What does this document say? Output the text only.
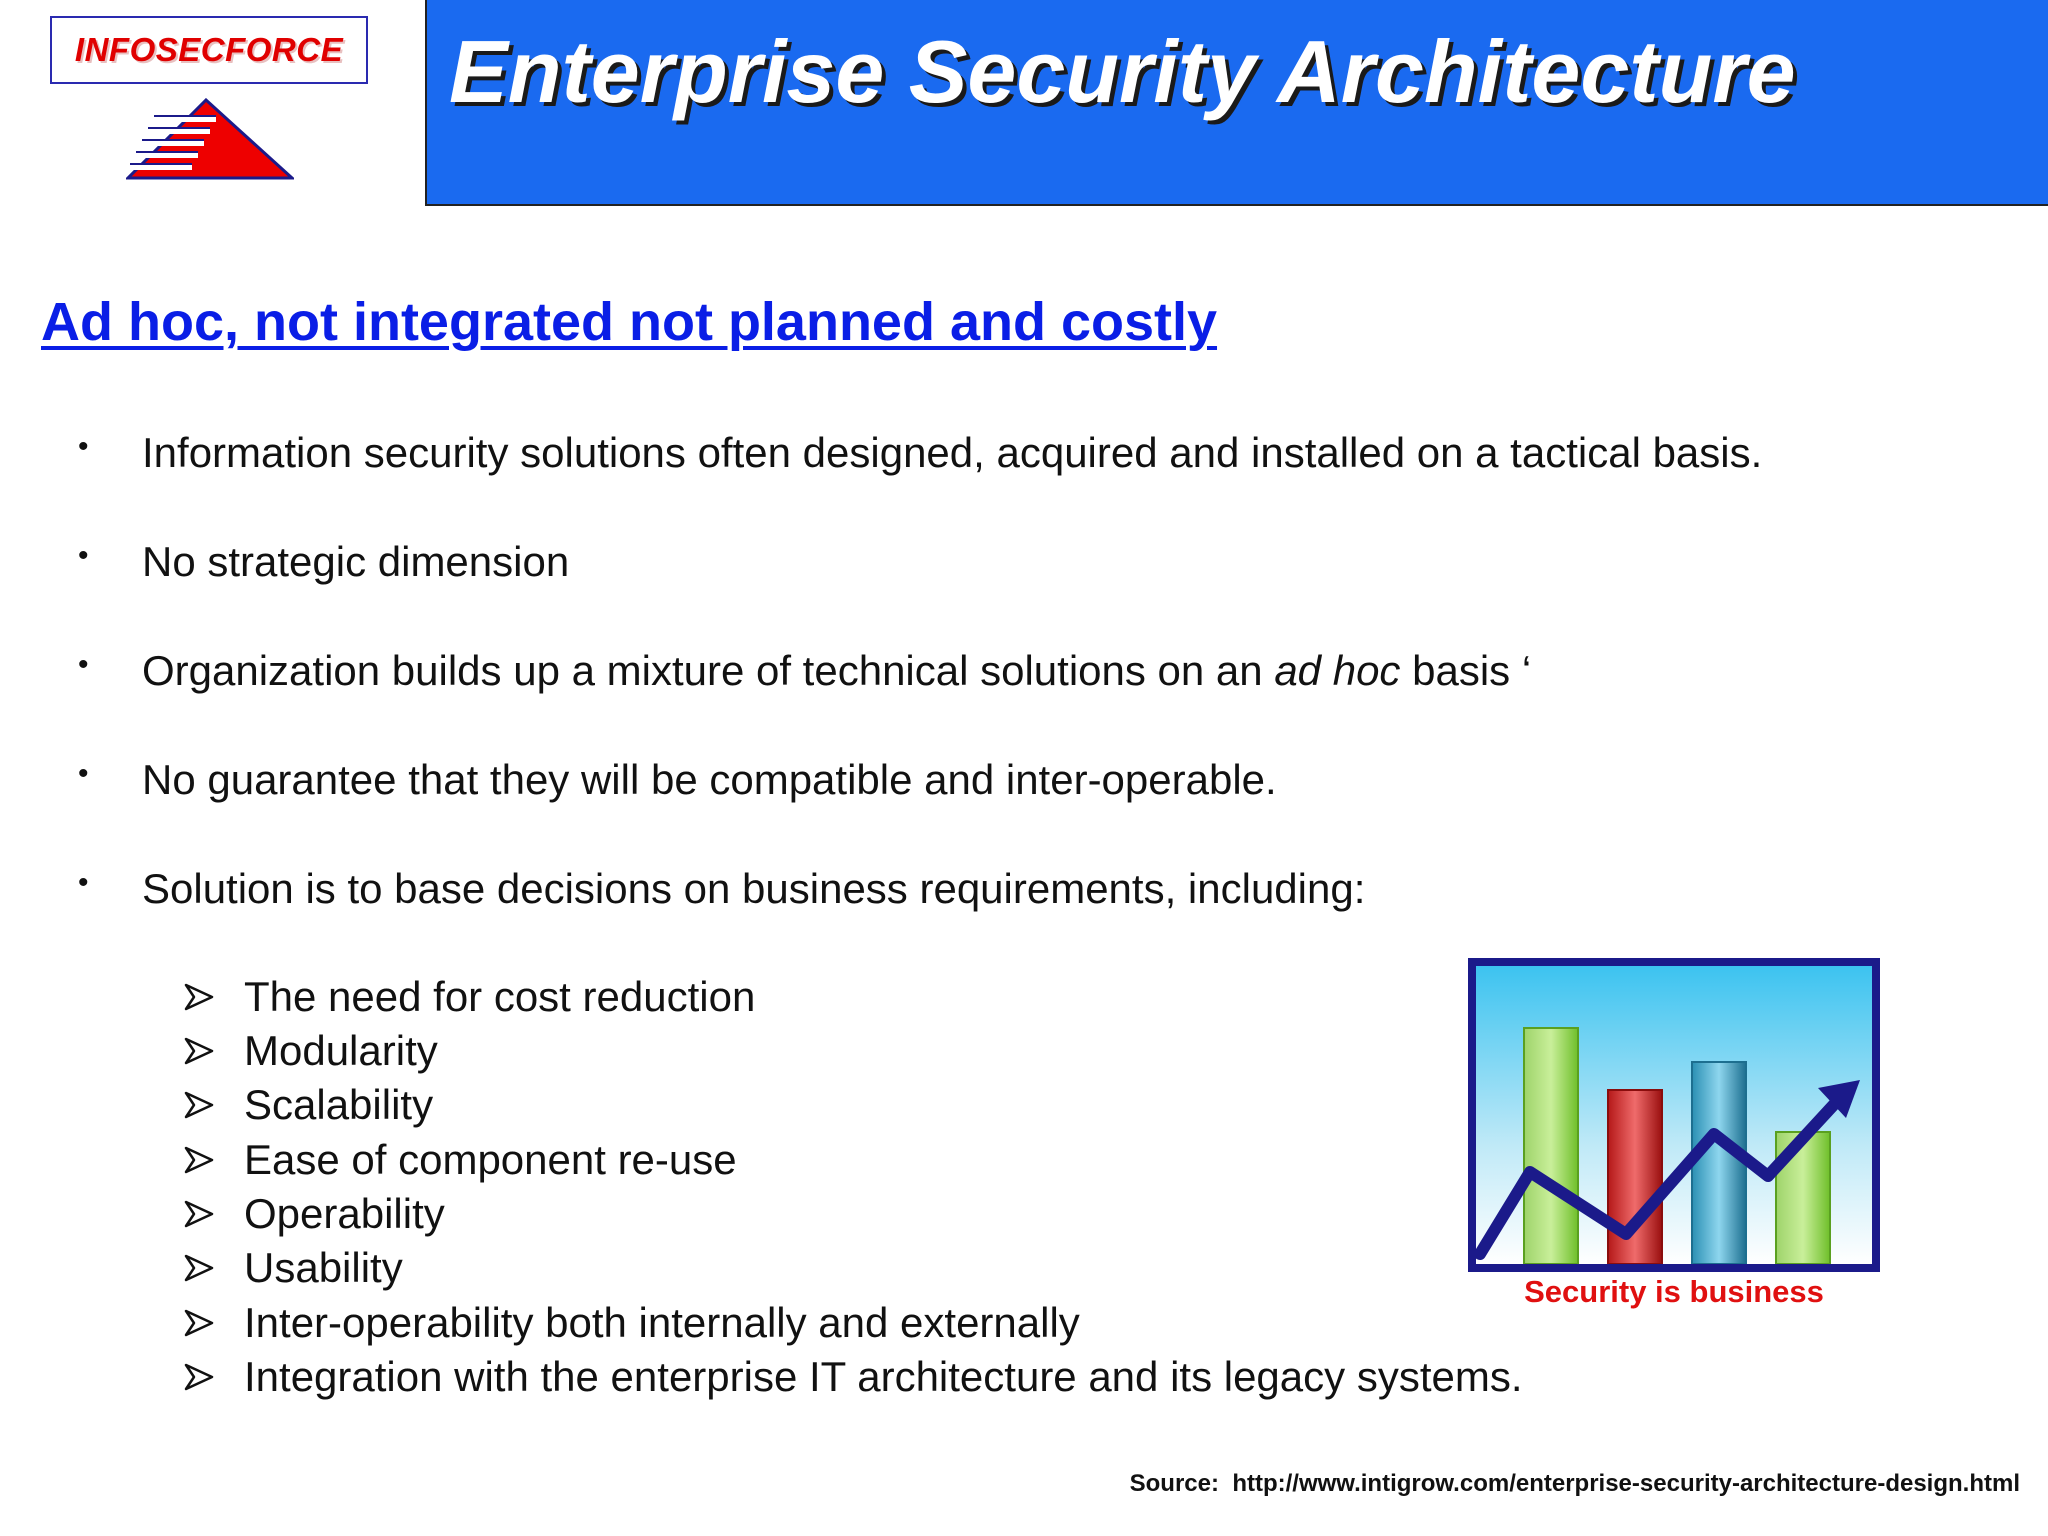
INFOSECFORCE Enterprise Security Architecture
Ad hoc, not integrated not planned and costly
•	Information security solutions often designed, acquired and installed on a tactical basis.
•	No strategic dimension
•	Organization builds up a mixture of technical solutions on an ad hoc basis ‘
•	No guarantee that they will be compatible and inter-operable.
•	Solution is to base decisions on business requirements, including:
The need for cost reduction
Modularity
Scalability
Ease of component re-use
Operability
Usability
Inter-operability both internally and externally
Integration with the enterprise IT architecture and its legacy systems.
Security is business
Source:  http://www.intigrow.com/enterprise-security-architecture-design.html
